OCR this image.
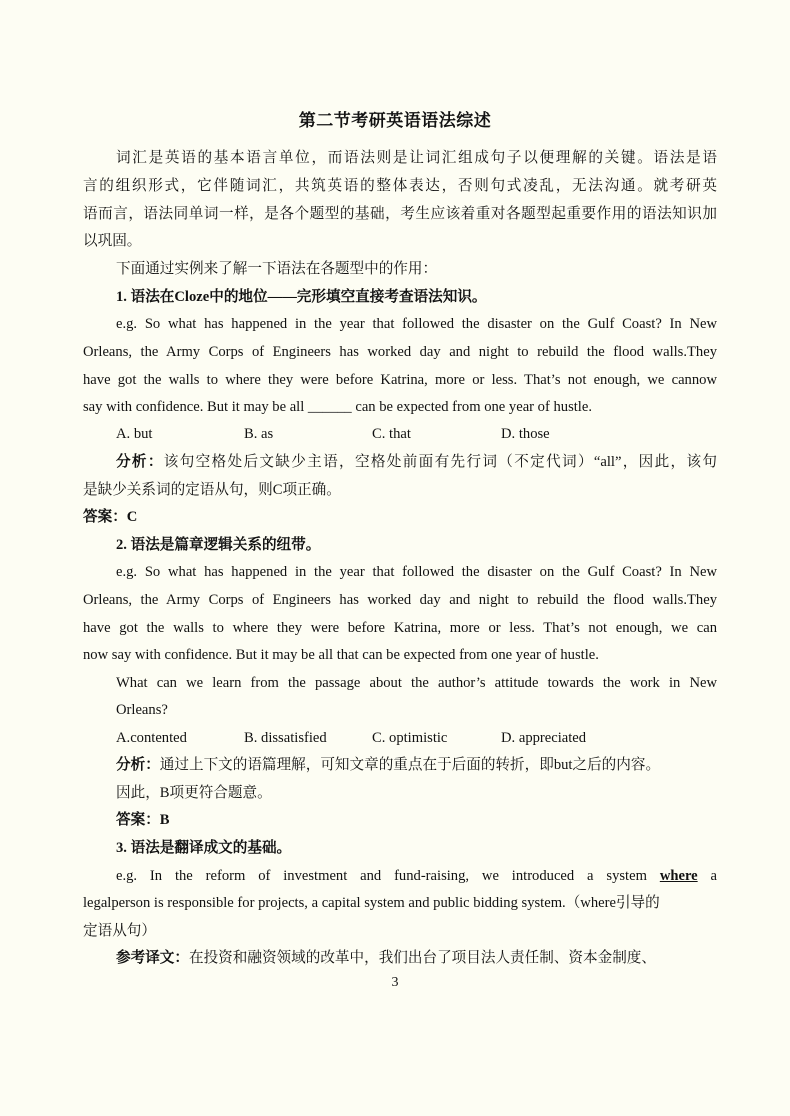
第二节考研英语语法综述
词汇是英语的基本语言单位，而语法则是让词汇组成句子以便理解的关键。语法是语
言的组织形式，它伴随词汇，共筑英语的整体表达，否则句式凌乱，无法沟通。就考研英
语而言，语法同单词一样，是各个题型的基础，考生应该着重对各题型起重要作用的语法知识加
以巩固。
下面通过实例来了解一下语法在各题型中的作用：
1. 语法在Cloze中的地位——完形填空直接考查语法知识。
e.g. So what has happened in the year that followed the disaster on the Gulf Coast? In New
Orleans, the Army Corps of Engineers has worked day and night to rebuild the flood walls.They
have got the walls to where they were before Katrina, more or less. That’s not enough, we cannow
say with confidence. But it may be all ______ can be expected from one year of hustle.
A. but	B. as	C. that	D. those
分析：该句空格处后文缺少主语，空格处前面有先行词（不定代词）“all”，因此，该句
是缺少关系词的定语从句，则C项正确。
答案：C
2. 语法是篇章逻辑关系的纽带。
e.g. So what has happened in the year that followed the disaster on the Gulf Coast? In New
Orleans, the Army Corps of Engineers has worked day and night to rebuild the flood walls.They
have got the walls to where they were before Katrina, more or less. That’s not enough, we can
now say with confidence. But it may be all that can be expected from one year of hustle.
What can we learn from the passage about the author’s attitude towards the work in New
Orleans?
A.contented	B. dissatisfied	C. optimistic	D. appreciated
分析：通过上下文的语篇理解，可知文章的重点在于后面的转折，即but之后的内容。
因此，B项更符合题意。
答案：B
3. 语法是翻译成文的基础。
e.g. In the reform of investment and fund-raising, we introduced a system where a
legalperson is responsible for projects, a capital system and public bidding system.（where引导的
定语从句）
参考译文：在投资和融资领域的改革中，我们出台了项目法人责任制、资本金制度、
3
